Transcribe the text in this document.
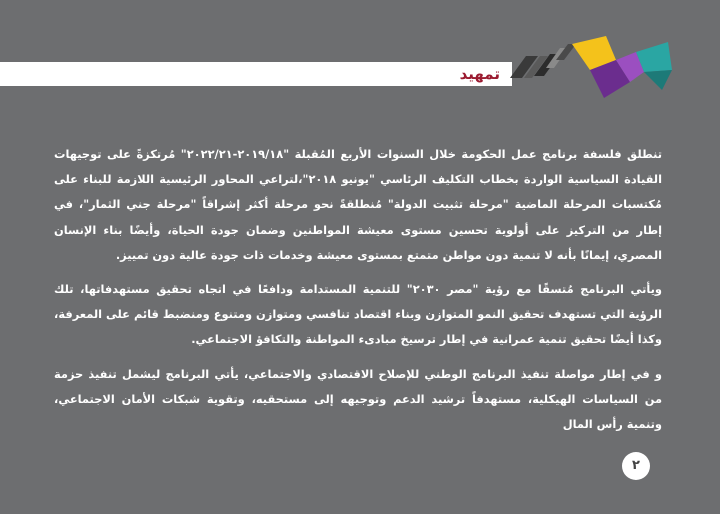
تمهيد

تنطلق فلسفة برنامج عمل الحكومة خلال السنوات الأربع المُقبلة "٢٠١٩/١٨-٢٠٢٢/٢١" مُرتكزةً على توجيهات القيادة السياسية الواردة بخطاب التكليف الرئاسي "يونيو ٢٠١٨"،لتراعي المحاور الرئيسية اللازمة للبناء على مُكتسبات المرحلة الماضية "مرحلة تثبيت الدولة" مُنطلقةً نحو مرحلة أكثر إشراقاً "مرحلة جني الثمار"، في إطار من التركيز على أولوية تحسين مستوى معيشة المواطنين وضمان جودة الحياة، وأيضًا بناء الإنسان المصري، إيمانًا بأنه لا تنمية دون مواطن متمتع بمستوى معيشة وخدمات ذات جودة عالية دون تمييز.

ويأتي البرنامج مُتسقًا مع رؤية "مصر ٢٠٣٠" للتنمية المستدامة ودافعًا في اتجاه تحقيق مستهدفاتها، تلك الرؤية التي تستهدف تحقيق النمو المتوازن وبناء اقتصاد تنافسي ومتوازن ومتنوع ومنضبط قائم على المعرفة، وكذا أيضًا تحقيق تنمية عمرانية في إطار ترسيخ مبادىء المواطنة والتكافؤ الاجتماعي.

و في إطار مواصلة تنفيذ البرنامج الوطني للإصلاح الاقتصادي والاجتماعي، يأتي البرنامج ليشمل تنفيذ حزمة من السياسات الهيكلية، مستهدفاً ترشيد الدعم وتوجيهه إلى مستحقيه، وتقوية شبكات الأمان الاجتماعي، وتنمية رأس المال

٢
